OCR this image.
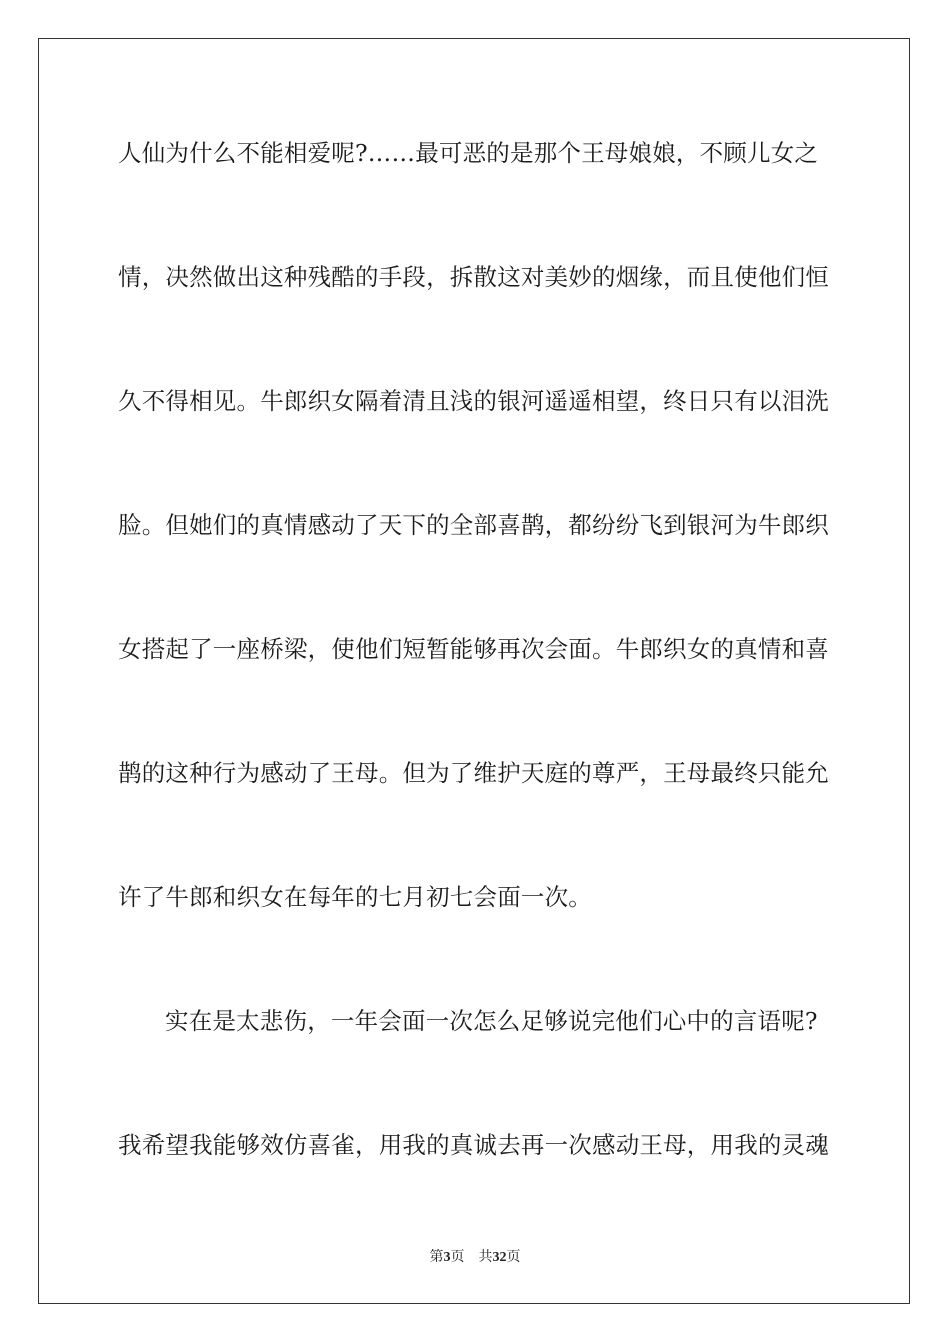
人仙为什么不能相爱呢?……最可恶的是那个王母娘娘，不顾儿女之
情，决然做出这种残酷的手段，拆散这对美妙的烟缘，而且使他们恒
久不得相见。牛郎织女隔着清且浅的银河遥遥相望，终日只有以泪洗
脸。但她们的真情感动了天下的全部喜鹊，都纷纷飞到银河为牛郎织
女搭起了一座桥梁，使他们短暂能够再次会面。牛郎织女的真情和喜
鹊的这种行为感动了王母。但为了维护天庭的尊严，王母最终只能允
许了牛郎和织女在每年的七月初七会面一次。
实在是太悲伤，一年会面一次怎么足够说完他们心中的言语呢?
我希望我能够效仿喜雀，用我的真诚去再一次感动王母，用我的灵魂
第3页 共32页
